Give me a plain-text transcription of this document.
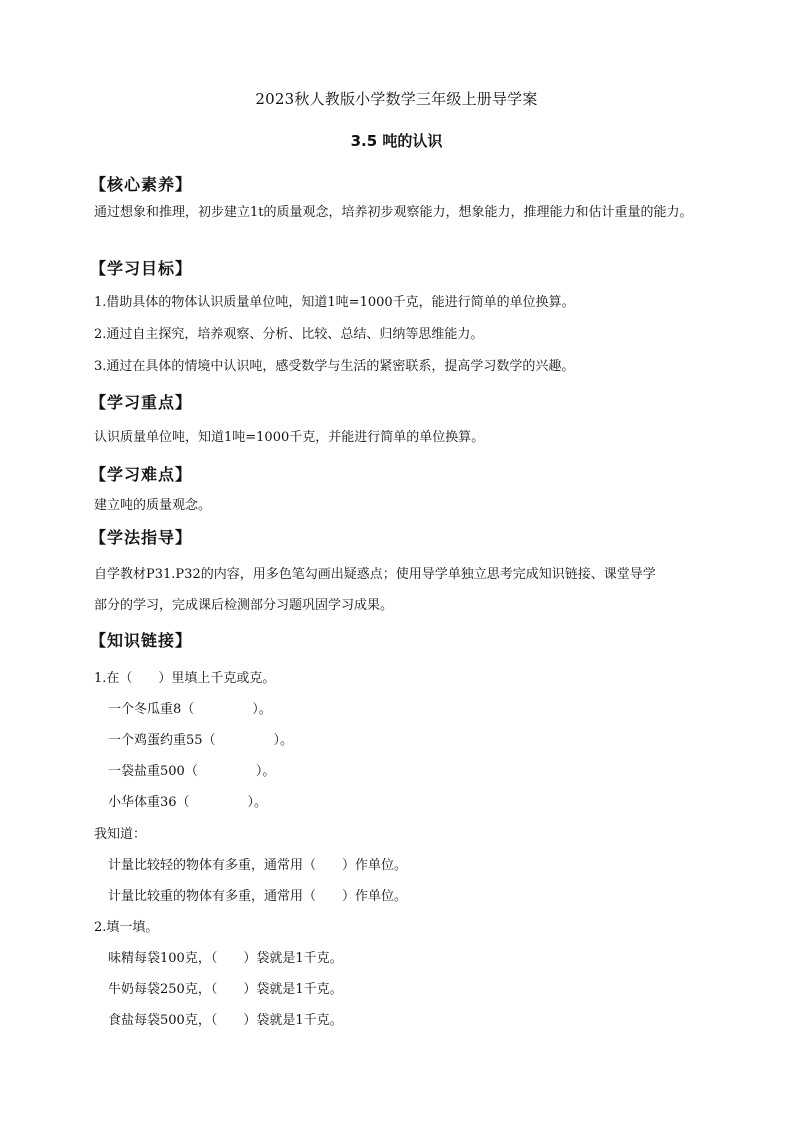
2023秋人教版小学数学三年级上册导学案
3.5 吨的认识
【核心素养】
通过想象和推理，初步建立1t的质量观念，培养初步观察能力，想象能力，推理能力和估计重量的能力。
【学习目标】
1.借助具体的物体认识质量单位吨，知道1吨=1000千克，能进行简单的单位换算。
2.通过自主探究，培养观察、分析、比较、总结、归纳等思维能力。
3.通过在具体的情境中认识吨，感受数学与生活的紧密联系，提高学习数学的兴趣。
【学习重点】
认识质量单位吨，知道1吨=1000千克，并能进行简单的单位换算。
【学习难点】
建立吨的质量观念。
【学法指导】
自学教材P31.P32的内容，用多色笔勾画出疑惑点；使用导学单独立思考完成知识链接、课堂导学
部分的学习，完成课后检测部分习题巩固学习成果。
【知识链接】
1.在（　　）里填上千克或克。
一个冬瓜重8（	）。
一个鸡蛋约重55（	）。
一袋盐重500（	）。
小华体重36（	）。
我知道：
计量比较轻的物体有多重，通常用（ ）作单位。
计量比较重的物体有多重，通常用（ ）作单位。
2.填一填。
味精每袋100克，（ ）袋就是1千克。
牛奶每袋250克，（ ）袋就是1千克。
食盐每袋500克，（ ）袋就是1千克。
